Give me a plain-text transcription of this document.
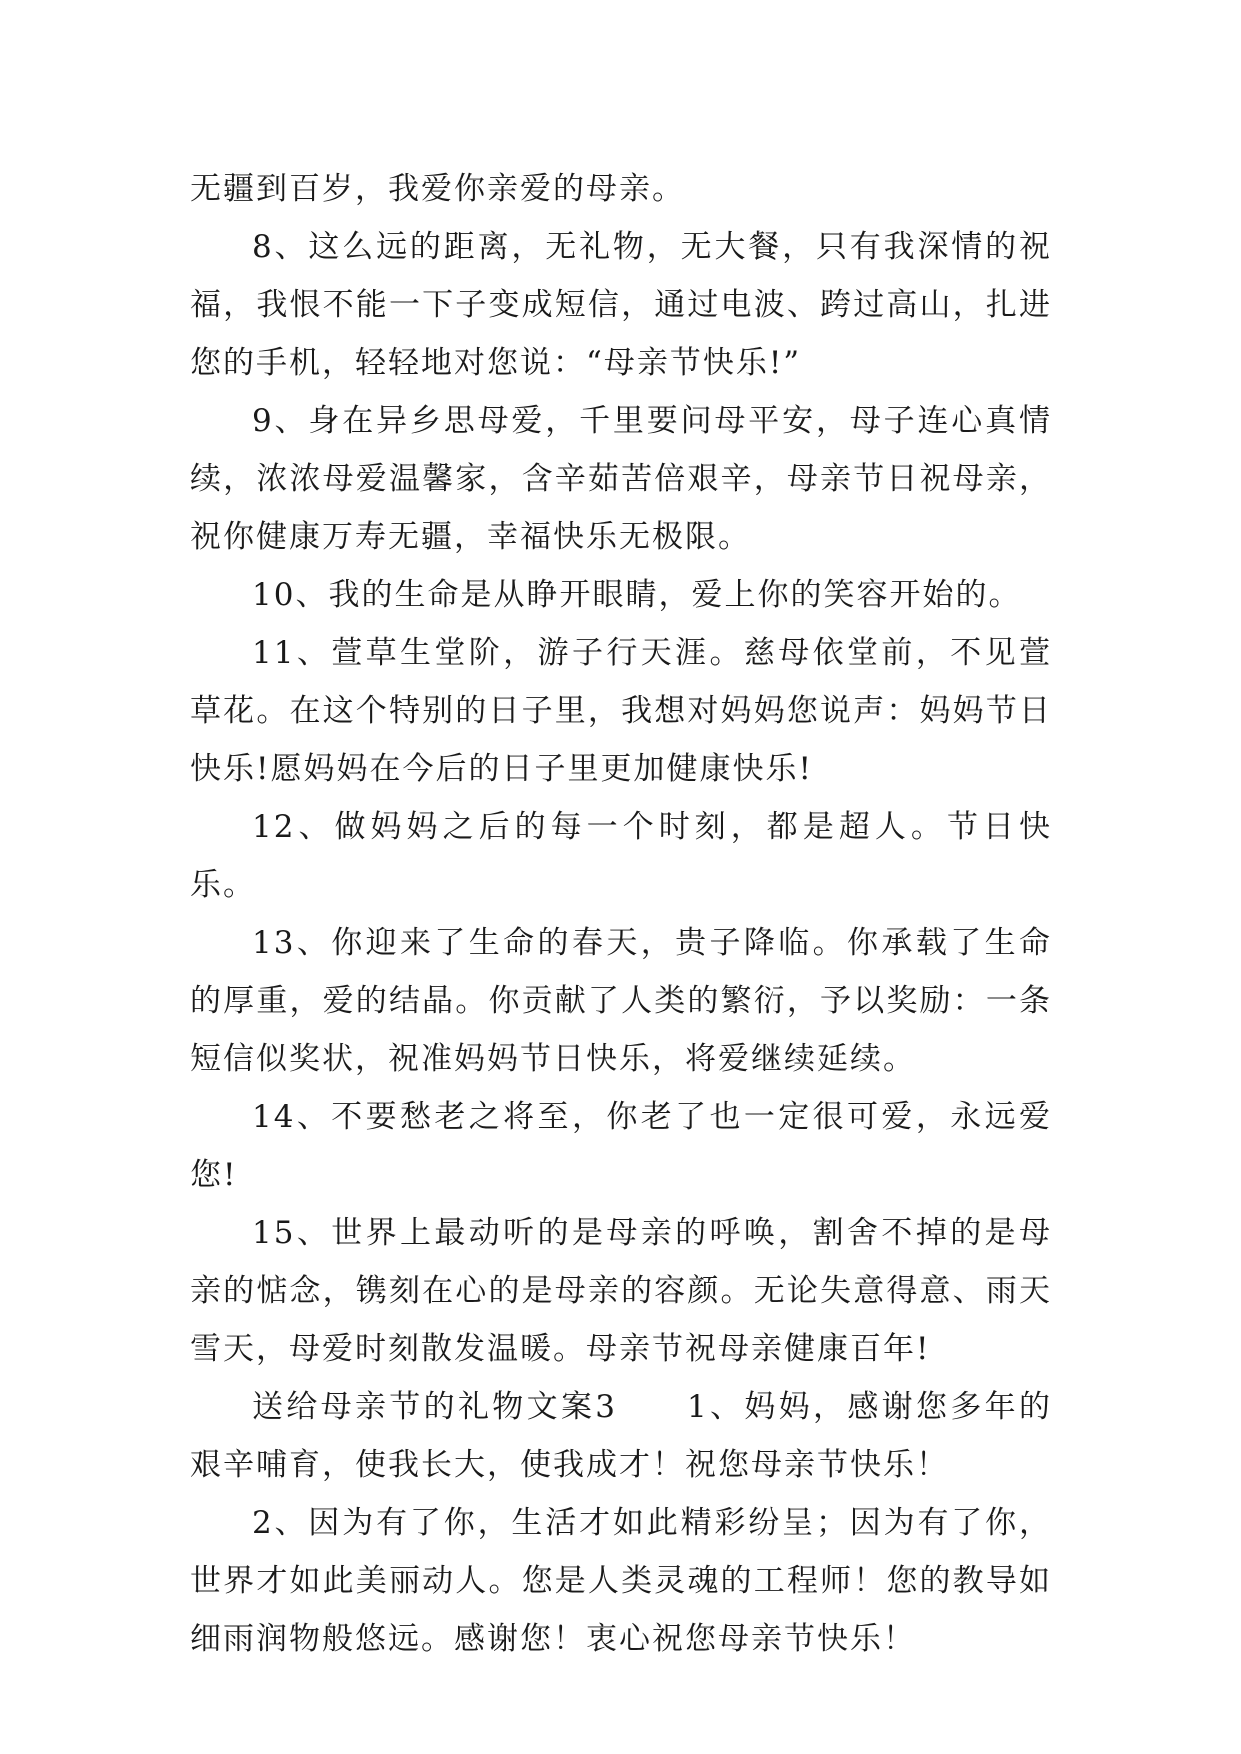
无疆到百岁，我爱你亲爱的母亲。

8、这么远的距离，无礼物，无大餐，只有我深情的祝福，我恨不能一下子变成短信，通过电波、跨过高山，扎进您的手机，轻轻地对您说：“母亲节快乐!”

9、身在异乡思母爱，千里要问母平安，母子连心真情续，浓浓母爱温馨家，含辛茹苦倍艰辛，母亲节日祝母亲，祝你健康万寿无疆，幸福快乐无极限。

10、我的生命是从睁开眼睛，爱上你的笑容开始的。

11、萱草生堂阶，游子行天涯。慈母依堂前，不见萱草花。在这个特别的日子里，我想对妈妈您说声：妈妈节日快乐!愿妈妈在今后的日子里更加健康快乐!

12、做妈妈之后的每一个时刻，都是超人。节日快乐。

13、你迎来了生命的春天，贵子降临。你承载了生命的厚重，爱的结晶。你贡献了人类的繁衍，予以奖励：一条短信似奖状，祝准妈妈节日快乐，将爱继续延续。

14、不要愁老之将至，你老了也一定很可爱，永远爱您!

15、世界上最动听的是母亲的呼唤，割舍不掉的是母亲的惦念，镌刻在心的是母亲的容颜。无论失意得意、雨天雪天，母爱时刻散发温暖。母亲节祝母亲健康百年!

送给母亲节的礼物文案3　　1、妈妈，感谢您多年的艰辛哺育，使我长大，使我成才！祝您母亲节快乐！

2、因为有了你，生活才如此精彩纷呈；因为有了你，世界才如此美丽动人。您是人类灵魂的工程师！您的教导如细雨润物般悠远。感谢您！衷心祝您母亲节快乐！
